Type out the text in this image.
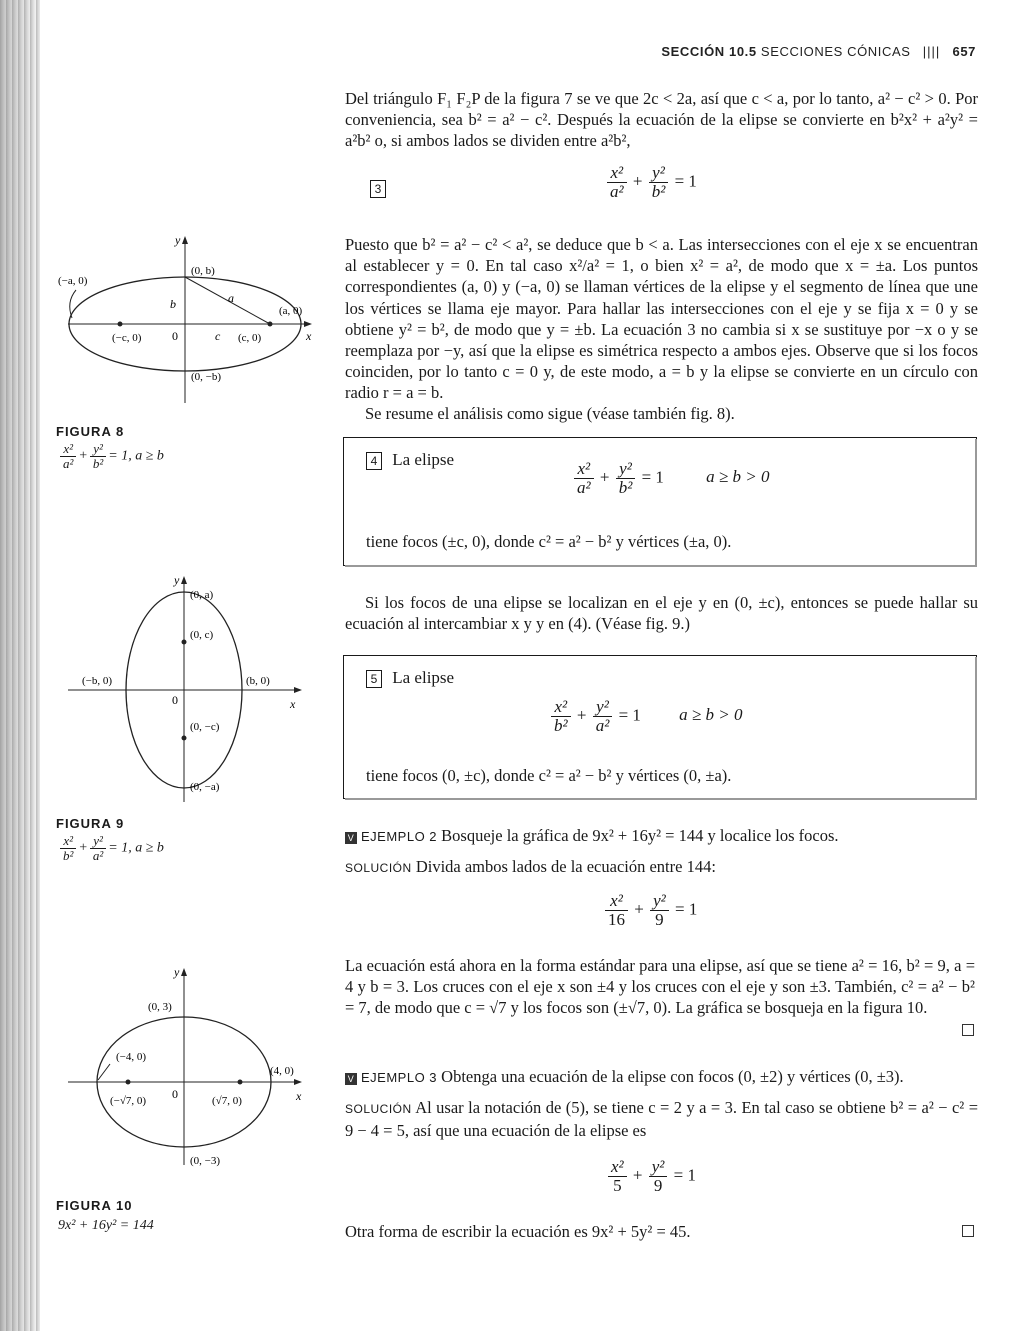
SECCIÓN 10.5 SECCIONES CÓNICAS |||| 657

Del triángulo F₁ F₂P de la figura 7 se ve que 2c < 2a, así que c < a, por lo tanto, a² − c² > 0. Por conveniencia, sea b² = a² − c². Después la ecuación de la elipse se convierte en b²x² + a²y² = a²b² o, si ambos lados se dividen entre a²b²,

3	$\frac{\text{x²}}{\text{a²}} + \frac{\text{y²}}{\text{b²}} = 1$

Puesto que b² = a² − c² < a², se deduce que b < a. Las intersecciones con el eje x se encuentran al establecer y = 0. En tal caso x²/a² = 1, o bien x² = a², de modo que x = ±a. Los puntos correspondientes (a, 0) y (−a, 0) se llaman vértices de la elipse y el segmento de línea que une los vértices se llama eje mayor. Para hallar las intersecciones con el eje y se fija x = 0 y se obtiene y² = b², de modo que y = ±b. La ecuación 3 no cambia si x se sustituye por −x o y se reemplaza por −y, así que la elipse es simétrica respecto a ambos ejes. Observe que si los focos coinciden, por lo tanto c = 0 y, de este modo, a = b y la elipse se convierte en un círculo con radio r = a = b.

Se resume el análisis como sigue (véase también fig. 8).

4 La elipse
$\frac{\text{x²}}{\text{a²}} + \frac{\text{y²}}{\text{b²}} = 1$ a ≥ b > 0
tiene focos (±c, 0), donde c² = a² − b² y vértices (±a, 0).

Si los focos de una elipse se localizan en el eje y en (0, ±c), entonces se puede hallar su ecuación al intercambiar x y y en (4). (Véase fig. 9.)

5 La elipse
$\frac{\text{x²}}{\text{b²}} + \frac{\text{y²}}{\text{a²}} = 1$ a ≥ b > 0
tiene focos (0, ±c), donde c² = a² − b² y vértices (0, ±a).
V EJEMPLO 2 Bosqueje la gráfica de 9x² + 16y² = 144 y localice los focos.
SOLUCIÓN Divida ambos lados de la ecuación entre 144:
$\frac{\text{x²}}{16} + \frac{\text{y²}}{9} = 1$

La ecuación está ahora en la forma estándar para una elipse, así que se tiene a² = 16, b² = 9, a = 4 y b = 3. Los cruces con el eje x son ±4 y los cruces con el eje y son ±3. También, c² = a² − b² = 7, de modo que c = √7 y los focos son (±√7, 0). La gráfica se bosqueja en la figura 10.

V EJEMPLO 3 Obtenga una ecuación de la elipse con focos (0, ±2) y vértices (0, ±3).
SOLUCIÓN Al usar la notación de (5), se tiene c = 2 y a = 3. En tal caso se obtiene b² = a² − c² = 9 − 4 = 5, así que una ecuación de la elipse es
$\frac{\text{x²}}{5} + \frac{\text{y²}}{9} = 1$

Otra forma de escribir la ecuación es 9x² + 5y² = 45.

y
x
0
(0, b)
(0, −b)
(−a, 0)
(a, 0)
(−c, 0)	(c, 0)
b	a
c
FIGURA 8
$\frac{\text{x²}}{\text{a²}} + \frac{\text{y²}}{\text{b²}} = 1$, a ≥ b
y
x
0
(0, a)
(0, c)
(0, −c)
(0, −a)
(−b, 0)	(b, 0)
FIGURA 9
$\frac{\text{x²}}{\text{b²}} + \frac{\text{y²}}{\text{a²}} = 1$, a ≥ b
y
x
0
(0, 3)
(0, −3)
(−4, 0)
(4, 0)
(−√7, 0)	(√7, 0)
FIGURA 10
9x² + 16y² = 144
